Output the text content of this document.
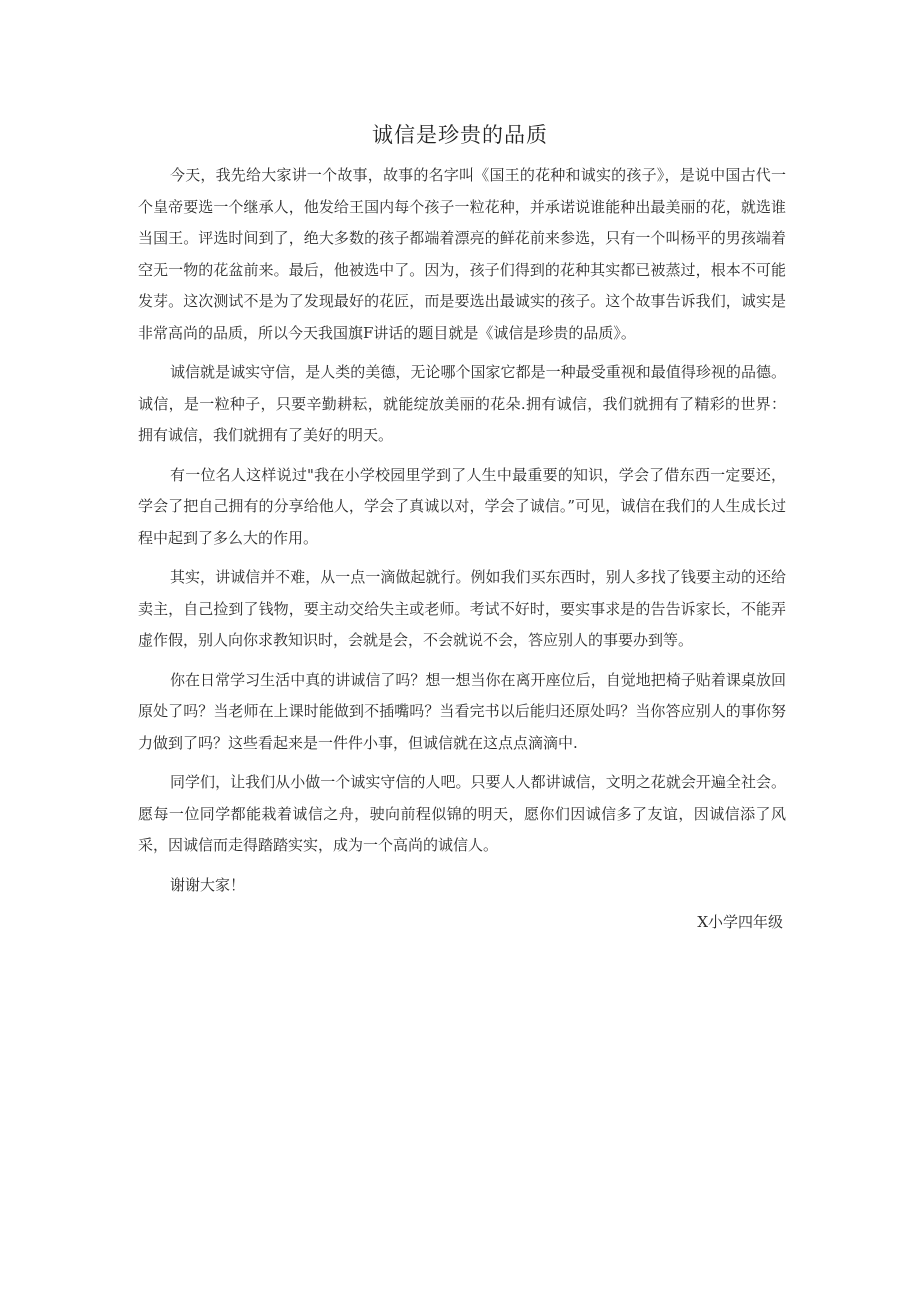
诚信是珍贵的品质

今天，我先给大家讲一个故事，故事的名字叫《国王的花种和诚实的孩子》，是说中国古代一个皇帝要选一个继承人，他发给王国内每个孩子一粒花种，并承诺说谁能种出最美丽的花，就选谁当国王。评选时间到了，绝大多数的孩子都端着漂亮的鲜花前来参选，只有一个叫杨平的男孩端着空无一物的花盆前来。最后，他被选中了。因为，孩子们得到的花种其实都已被蒸过，根本不可能发芽。这次测试不是为了发现最好的花匠，而是要选出最诚实的孩子。这个故事告诉我们，诚实是非常高尚的品质，所以今天我国旗F讲话的题目就是《诚信是珍贵的品质》。

诚信就是诚实守信，是人类的美德，无论哪个国家它都是一种最受重视和最值得珍视的品德。诚信，是一粒种子，只要辛勤耕耘，就能绽放美丽的花朵.拥有诚信，我们就拥有了精彩的世界：拥有诚信，我们就拥有了美好的明天。

有一位名人这样说过"我在小学校园里学到了人生中最重要的知识，学会了借东西一定要还，学会了把自己拥有的分享给他人，学会了真诚以对，学会了诚信。”可见，诚信在我们的人生成长过程中起到了多么大的作用。

其实，讲诚信并不难，从一点一滴做起就行。例如我们买东西时，别人多找了钱要主动的还给卖主，自己捡到了钱物，要主动交给失主或老师。考试不好时，要实事求是的告告诉家长，不能弄虚作假，别人向你求教知识时，会就是会，不会就说不会，答应别人的事要办到等。

你在日常学习生活中真的讲诚信了吗？想一想当你在离开座位后，自觉地把椅子贴着课桌放回原处了吗？当老师在上课时能做到不插嘴吗？当看完书以后能归还原处吗？当你答应别人的事你努力做到了吗？这些看起来是一件件小事，但诚信就在这点点滴滴中.

同学们，让我们从小做一个诚实守信的人吧。只要人人都讲诚信，文明之花就会开遍全社会。愿每一位同学都能栽着诚信之舟，驶向前程似锦的明天，愿你们因诚信多了友谊，因诚信添了风采，因诚信而走得踏踏实实，成为一个高尚的诚信人。

谢谢大家！

X小学四年级
